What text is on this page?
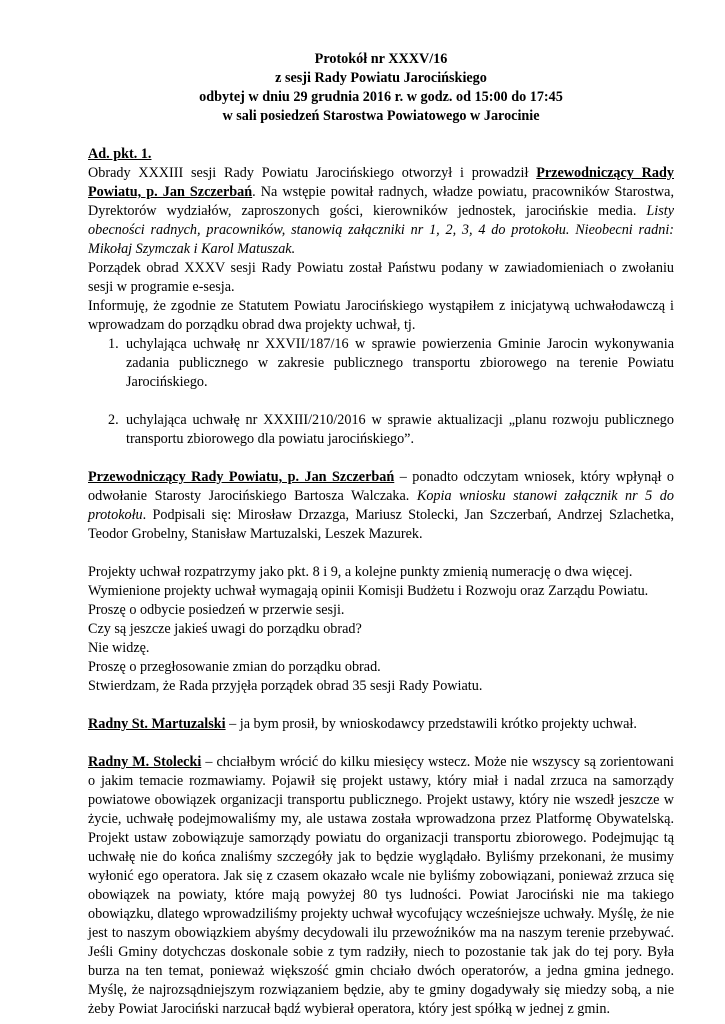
Protokół nr XXXV/16
z sesji Rady Powiatu Jarocińskiego
odbytej w dniu 29 grudnia 2016 r. w godz. od 15:00 do 17:45
w sali posiedzeń Starostwa Powiatowego w Jarocinie
Ad. pkt. 1.

Obrady XXXIII sesji Rady Powiatu Jarocińskiego otworzył i prowadził Przewodniczący Rady Powiatu, p. Jan Szczerbań. Na wstępie powitał radnych, władze powiatu, pracowników Starostwa, Dyrektorów wydziałów, zaproszonych gości, kierowników jednostek, jarocińskie media. Listy obecności radnych, pracowników, stanowią załączniki nr 1, 2, 3, 4 do protokołu. Nieobecni radni: Mikołaj Szymczak i Karol Matuszak.

Porządek obrad XXXV sesji Rady Powiatu został Państwu podany w zawiadomieniach o zwołaniu sesji w programie e-sesja.

Informuję, że zgodnie ze Statutem Powiatu Jarocińskiego wystąpiłem z inicjatywą uchwałodawczą i wprowadzam do porządku obrad dwa projekty uchwał, tj.

1. uchylająca uchwałę nr XXVII/187/16 w sprawie powierzenia Gminie Jarocin wykonywania zadania publicznego w zakresie publicznego transportu zbiorowego na terenie Powiatu Jarocińskiego.
2. uchylająca uchwałę nr XXXIII/210/2016 w sprawie aktualizacji „planu rozwoju publicznego transportu zbiorowego dla powiatu jarocińskiego”.

Przewodniczący Rady Powiatu, p. Jan Szczerbań – ponadto odczytam wniosek, który wpłynął o odwołanie Starosty Jarocińskiego Bartosza Walczaka. Kopia wniosku stanowi załącznik nr 5 do protokołu. Podpisali się: Mirosław Drzazga, Mariusz Stolecki, Jan Szczerbań, Andrzej Szlachetka, Teodor Grobelny, Stanisław Martuzalski, Leszek Mazurek.

Projekty uchwał rozpatrzymy jako pkt. 8 i 9, a kolejne punkty zmienią numerację o dwa więcej.
Wymienione projekty uchwał wymagają opinii Komisji Budżetu i Rozwoju oraz Zarządu Powiatu.
Proszę o odbycie posiedzeń w przerwie sesji.
Czy są jeszcze jakieś uwagi do porządku obrad?
Nie widzę.
Proszę o przegłosowanie zmian do porządku obrad.
Stwierdzam, że Rada przyjęła porządek obrad 35 sesji Rady Powiatu.

Radny St. Martuzalski – ja bym prosił, by wnioskodawcy przedstawili krótko projekty uchwał.

Radny M. Stolecki – chciałbym wrócić do kilku miesięcy wstecz. Może nie wszyscy są zorientowani o jakim temacie rozmawiamy. Pojawił się projekt ustawy, który miał i nadal zrzuca na samorządy powiatowe obowiązek organizacji transportu publicznego. Projekt ustawy, który nie wszedł jeszcze w życie, uchwałę podejmowaliśmy my, ale ustawa została wprowadzona przez Platformę Obywatelską. Projekt ustaw zobowiązuje samorządy powiatu do organizacji transportu zbiorowego. Podejmując tą uchwałę nie do końca znaliśmy szczegóły jak to będzie wyglądało. Byliśmy przekonani, że musimy wyłonić ego operatora. Jak się z czasem okazało wcale nie byliśmy zobowiązani, ponieważ zrzuca się obowiązek na powiaty, które mają powyżej 80 tys ludności. Powiat Jarociński nie ma takiego obowiązku, dlatego wprowadziliśmy projekty uchwał wycofujący wcześniejsze uchwały. Myślę, że nie jest to naszym obowiązkiem abyśmy decydowali ilu przewoźników ma na naszym terenie przebywać. Jeśli Gminy dotychczas doskonale sobie z tym radziły, niech to pozostanie tak jak do tej pory. Była burza na ten temat, ponieważ większość gmin chciało dwóch operatorów, a jedna gmina jednego. Myślę, że najrozsądniejszym rozwiązaniem będzie, aby te gminy dogadywały się miedzy sobą, a nie żeby Powiat Jarociński narzucał bądź wybierał operatora, który jest spółką w jednej z gmin.
